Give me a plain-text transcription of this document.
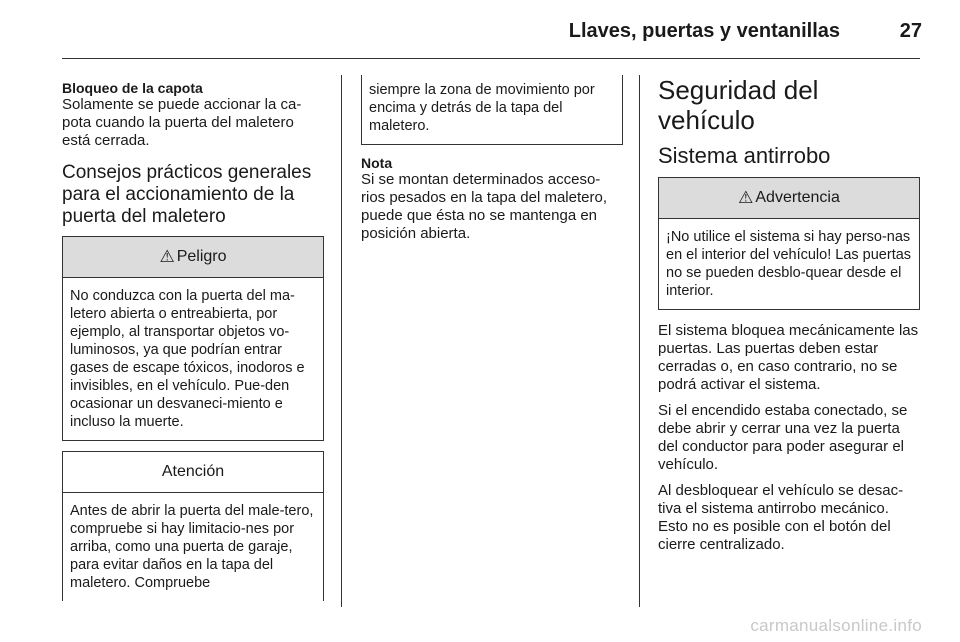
Llaves, puertas y ventanillas	27
Bloqueo de la capota
Solamente se puede accionar la ca-pota cuando la puerta del maletero está cerrada.
Consejos prácticos generales para el accionamiento de la puerta del maletero
⚠ Peligro
No conduzca con la puerta del ma-letero abierta o entreabierta, por ejemplo, al transportar objetos vo-luminosos, ya que podrían entrar gases de escape tóxicos, inodoros e invisibles, en el vehículo. Pue-den ocasionar un desvaneci-miento e incluso la muerte.
Atención
Antes de abrir la puerta del male-tero, compruebe si hay limitacio-nes por arriba, como una puerta de garaje, para evitar daños en la tapa del maletero. Compruebe
siempre la zona de movimiento por encima y detrás de la tapa del maletero.
Nota
Si se montan determinados acceso-rios pesados en la tapa del maletero, puede que ésta no se mantenga en posición abierta.
Seguridad del vehículo
Sistema antirrobo
⚠ Advertencia
¡No utilice el sistema si hay perso-nas en el interior del vehículo! Las puertas no se pueden desblo-quear desde el interior.
El sistema bloquea mecánicamente las puertas. Las puertas deben estar cerradas o, en caso contrario, no se podrá activar el sistema.
Si el encendido estaba conectado, se debe abrir y cerrar una vez la puerta del conductor para poder asegurar el vehículo.
Al desbloquear el vehículo se desac-tiva el sistema antirrobo mecánico. Esto no es posible con el botón del cierre centralizado.
carmanualsonline.info
